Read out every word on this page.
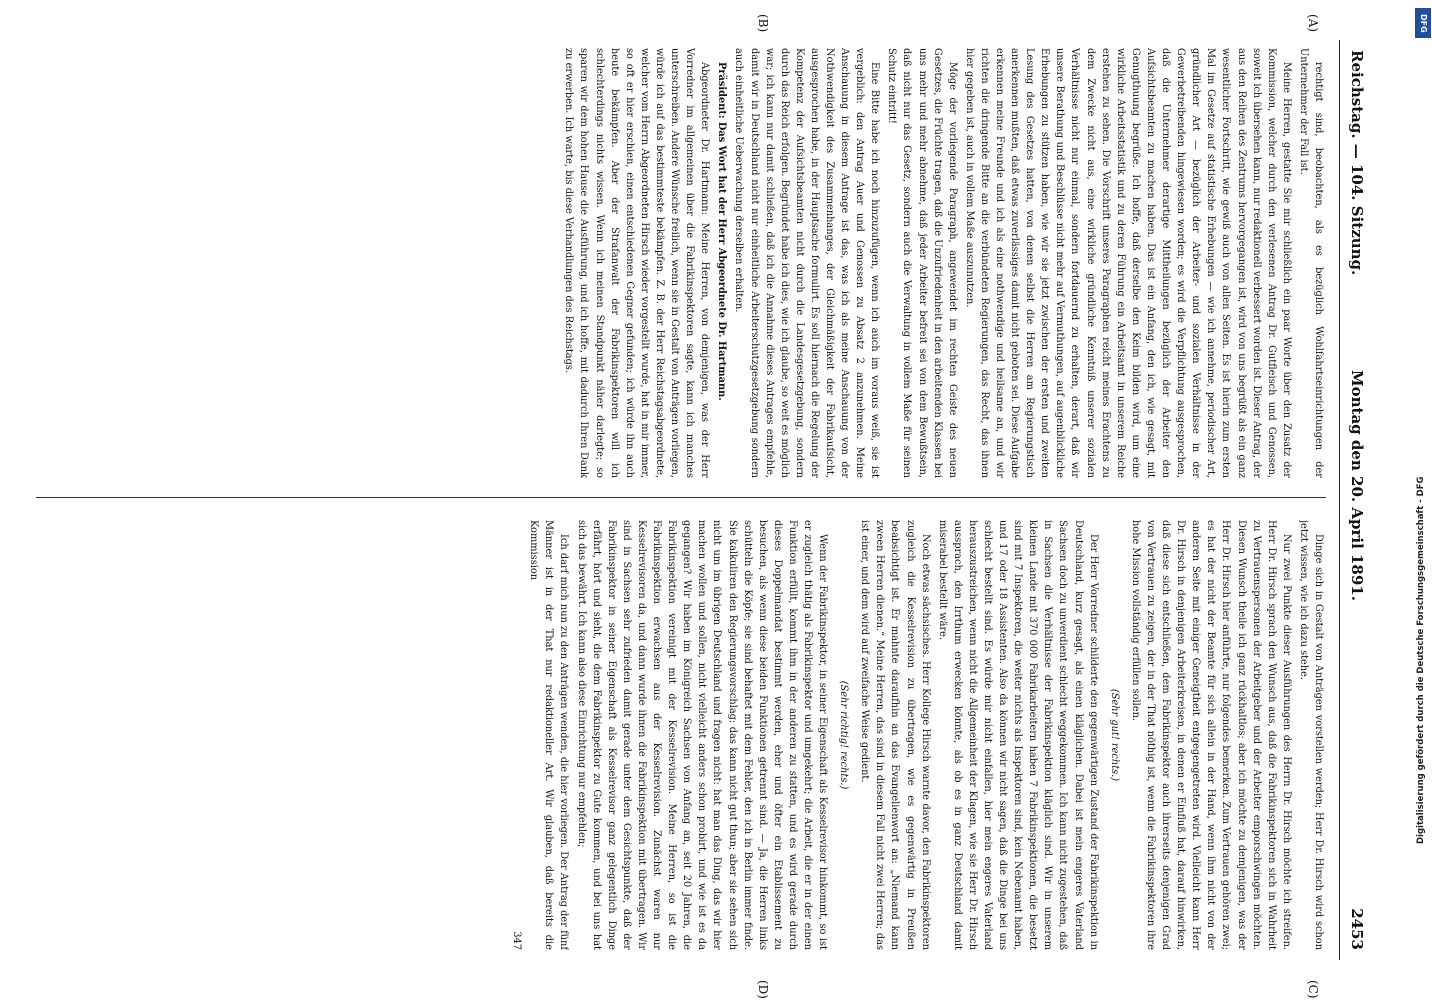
Reichstag. — 104. Sitzung.
Montag den 20. April 1891.
2453
(A)
(B)
(C)
(D)

rechtigt sind, beobachten, als es bezüglich Wohlfahrtseinrichtungen der Unternehmer der Fall ist.

Meine Herren, gestatte Sie mir schließlich ein paar Worte über den Zusatz der Kommission, welcher durch den verlesenen Antrag Dr. Gutfleisch und Genossen, soweit ich übersehen kann, nur redaktionell verbessert worden ist. Dieser Antrag, der aus den Reihen des Zentrums hervorgegangen ist, wird von uns begrüßt als ein ganz wesentlicher Fortschritt, wie gewiß auch von allen Seiten. Es ist hierin zum ersten Mal im Gesetze auf statistische Erhebungen — wie ich annehme, periodischer Art, gründlicher Art — bezüglich der Arbeiter- und sozialen Verhältnisse in der Gewerbetreibenden hingewiesen worden; es wird die Verpflichtung ausgesprochen, daß die Unternehmer derartige Mittheilungen bezüglich der Arbeiter den Aufsichtsbeamten zu machen haben. Das ist ein Anfang, den ich, wie gesagt, mit Genugthuung begrüße. Ich hoffe, daß derselbe den Keim bilden wird, um eine wirkliche Arbeitsstatistik und zu deren Führung ein Arbeitsamt in unserem Reiche erstehen zu sehen. Die Vorschrift unseres Paragraphen reicht meines Erachtens zu dem Zwecke nicht aus, eine wirkliche gründliche Kenntniß unserer sozialen Verhältnisse nicht nur einmal, sondern fortdauernd zu erhalten, derart, daß wir unsere Berathung und Beschlüsse nicht mehr auf Vermuthungen, auf augenblickliche Erhebungen zu stützen haben, wie wir sie jetzt zwischen der ersten und zweiten Lesung des Gesetzes hatten, von denen selbst die Herren am Regierungstisch anerkennen mußten, daß etwas zuverlässiges damit nicht geboten sei. Diese Aufgabe erkennen meine Freunde und ich als eine nothwendige und heilsame an, und wir richten die dringende Bitte an die verbündeten Regierungen, das Recht, das ihnen hier gegeben ist, auch in vollem Maße auszunutzen.

Möge der vorliegende Paragraph, angewendet im rechten Geiste des neuen Gesetzes, die Früchte tragen, daß die Unzufriedenheit in den arbeitenden Klassen bei uns mehr und mehr abnehme, daß jeder Arbeiter befreit sei von dem Bewußtsein, daß nicht nur das Gesetz, sondern auch die Verwaltung in vollem Maße für seinen Schutz eintritt!

Eine Bitte habe ich noch hinzuzufügen, wenn ich auch im voraus weiß, sie ist vergeblich: den Antrag Auer und Genossen zu Absatz 2 anzunehmen. Meine Anschauung in diesem Antrage ist das, was ich als meine Anschauung von der Nothwendigkeit des Zusammenhanges, der Gleichmäßigkeit der Fabrikaufsicht, ausgesprochen habe, in der Hauptsache formulirt. Es soll hiernach die Regelung der Kompetenz der Aufsichtsbeamten nicht durch die Landesgesetzgebung, sondern durch das Reich erfolgen. Begründet habe ich dies, wie ich glaube, so weit es möglich war; ich kann nur damit schließen, daß ich die Annahme dieses Antrages empfehle, damit wir in Deutschland nicht nur einheitliche Arbeiterschutzgesetzgebung sondern auch einheitliche Ueberwachung derselben erhalten.

Präsident: Das Wort hat der Herr Abgeordnete Dr. Hartmann.

Abgeordneter Dr. Hartmann: Meine Herren, von demjenigen, was der Herr Vorredner im allgemeinen über die Fabrikinspektoren sagte, kann ich manches unterschreiben. Andere Wünsche freilich, wenn sie in Gestalt von Anträgen vorliegen, würde ich auf das bestimmteste bekämpfen. Z. B. der Herr Reichstagsabgeordnete, welcher vom Herrn Abgeordneten Hirsch wieder vorgestellt wurde, hat in mir immer, so oft er hier erschien, einen entschiedenen Gegner gefunden; ich würde ihn auch heute bekämpfen. Aber der Strafanwalt der Fabrikinspektoren will ich schlechterdings nichts wissen. Wenn ich meinen Standpunkt näher darlegte; so sparen wir dem hohen Hause die Ausführung, und ich hoffe, mit dadurch Ihren Dank zu erwerben. Ich warte, bis diese Verhandlungen des Reichstags.

Dinge sich in Gestalt von Anträgen vorstellen werden; Herr Dr. Hirsch wird schon jetzt wissen, wie ich dazu stehe.

Nur zwei Punkte dieser Ausführungen des Herrn Dr. Hirsch möchte ich streifen. Herr Dr. Hirsch sprach den Wunsch aus, daß die Fabrikinspektoren sich in Wahrheit zu Vertrauenspersonen der Arbeitgeber und der Arbeiter emporschwingen möchten. Diesen Wunsch theile ich ganz rückhaltlos; aber ich möchte zu demjenigen, was der Herr Dr. Hirsch hier anführte, nur folgendes bemerken. Zum Vertrauen gehören zwei; es hat der nicht der Beamte für sich allein in der Hand, wenn ihm nicht von der anderen Seite mit einiger Geneigtheit entgegengetreten wird. Vielleicht kann Herr Dr. Hirsch in denjenigen Arbeiterkreisen, in denen er Einfluß hat, darauf hinwirken, daß diese sich entschließen, dem Fabrikinspektor auch ihrerseits denjenigen Grad von Vertrauen zu zeigen, der in der That nöthig ist, wenn die Fabrikinspektoren ihre hohe Mission vollständig erfüllen sollen.

(Sehr gut! rechts.)

Der Herr Vorredner schilderte den gegenwärtigen Zustand der Fabrikinspektion in Deutschland, kurz gesagt, als einen kläglichen. Dabei ist mein engeres Vaterland Sachsen doch zu unverdient schlecht weggekommen. Ich kann nicht zugestehen, daß in Sachsen die Verhältnisse der Fabrikinspektion kläglich sind. Wir in unserem kleinen Lande mit 370 000 Fabrikarbeitern haben 7 Fabrikinspektionen, die besetzt sind mit 7 Inspektoren, die weiter nichts als Inspektoren sind, kein Nebenamt haben, und 17 oder 18 Assistenten. Also da können wir nicht sagen, daß die Dinge bei uns schlecht bestellt sind. Es würde mir nicht einfallen, hier mein engeres Vaterland herauszustreichen, wenn nicht die Allgemeinheit der Klagen, wie sie Herr Dr. Hirsch aussprach, den Irrthum erwecken könnte, als ob es in ganz Deutschland damit miserabel bestellt wäre.

Noch etwas sächsisches. Herr Kollege Hirsch warnte davor, den Fabrikinspektoren zugleich die Kesselrevision zu übertragen, wie es gegenwärtig in Preußen beabsichtigt ist. Er mahnte daraufhin an das Evangelienwort an: „Niemand kann zween Herren dienen.“ Meine Herren, das sind in diesem Fall nicht zwei Herren; das ist einer, und dem wird auf zweifache Weise gedient.

(Sehr richtig! rechts.)

Wenn der Fabrikinspektor, in seiner Eigenschaft als Kesselrevisor hinkommt, so ist er zugleich thätig als Fabrikinspektor und umgekehrt; die Arbeit, die er in der einen Funktion erfüllt, kommt ihm in der anderen zu statten, und es wird gerade durch dieses Doppelmandat bestimmt werden, eher und öfter ein Etablissement zu besuchen, als wenn diese beiden Funktionen getrennt sind. — Ja, die Herren links schütteln die Köpfe; sie sind behaftet mit dem Fehler, den ich in Berlin immer finde. Sie kalkuliren den Regierungsvorschlag: das kann nicht gut thun; aber sie sehen sich nicht um im übrigen Deutschland und fragen nicht: hat man das Ding, das wir hier machen wollen und sollen, nicht vielleicht anders schon probirt, und wie ist es da gegangen? Wir haben im Königreich Sachsen von Anfang an, seit 20 Jahren, die Fabrikinspektion vereinigt mit der Kesselrevision. Meine Herren, so ist die Fabrikinspektion erwachsen aus der Kesselrevision. Zunächst waren nur Kesselrevisoren da, und dann wurde ihnen die Fabrikinspektion mit übertragen. Wir sind in Sachsen sehr zufrieden damit gerade unter dem Gesichtspunkte, daß der Fabrikinspektor in seiner Eigenschaft als Kesselrevisor ganz gelegentlich Dinge erfährt, hört und sieht, die dem Fabrikinspektor zu Gute kommen, und bei uns hat sich das bewährt. Ich kann also diese Einrichtung nur empfehlen;

Ich darf mich nun zu den Anträgen wenden, die hier vorliegen. Der Antrag der fünf Männer ist in der That nur redaktioneller Art. Wir glauben, daß bereits die Kommission

347

DFG
Digitalisierung gefördert durch die Deutsche Forschungsgemeinschaft - DFG
